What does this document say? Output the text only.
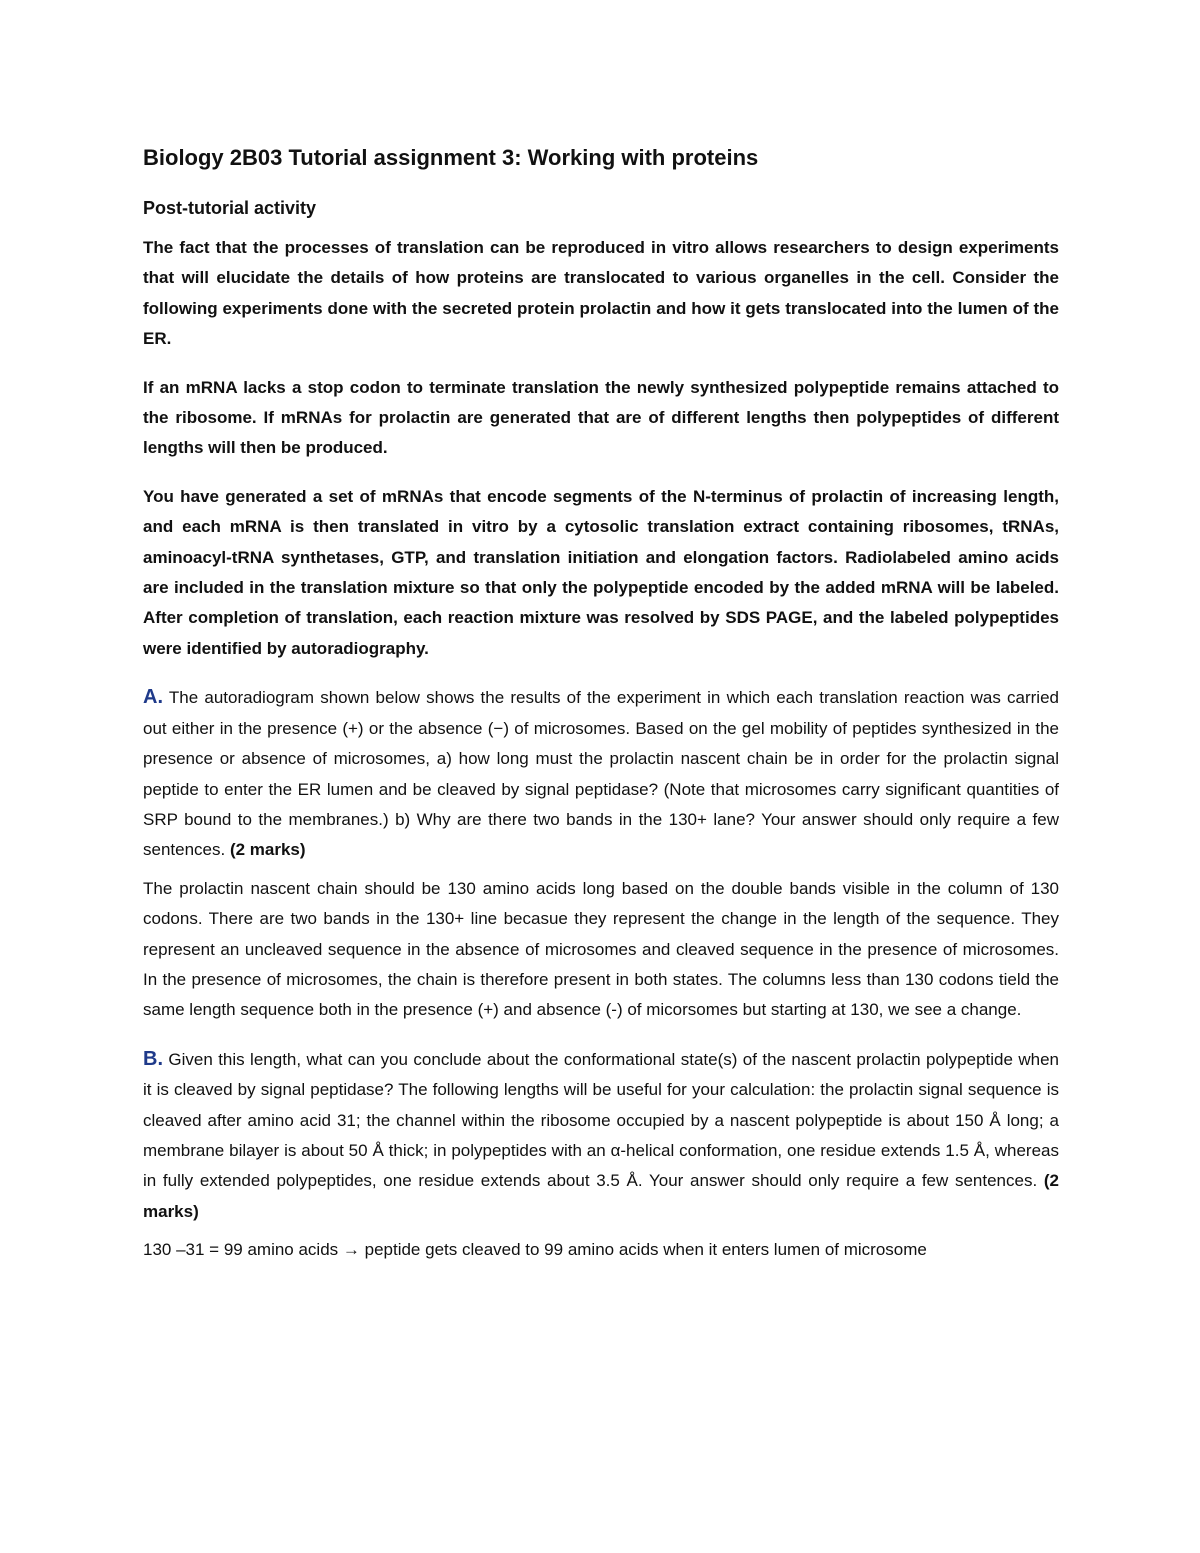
Biology 2B03 Tutorial assignment 3: Working with proteins
Post-tutorial activity

The fact that the processes of translation can be reproduced in vitro allows researchers to design experiments that will elucidate the details of how proteins are translocated to various organelles in the cell. Consider the following experiments done with the secreted protein prolactin and how it gets translocated into the lumen of the ER.

If an mRNA lacks a stop codon to terminate translation the newly synthesized polypeptide remains attached to the ribosome. If mRNAs for prolactin are generated that are of different lengths then polypeptides of different lengths will then be produced.

You have generated a set of mRNAs that encode segments of the N-terminus of prolactin of increasing length, and each mRNA is then translated in vitro by a cytosolic translation extract containing ribosomes, tRNAs, aminoacyl-tRNA synthetases, GTP, and translation initiation and elongation factors. Radiolabeled amino acids are included in the translation mixture so that only the polypeptide encoded by the added mRNA will be labeled. After completion of translation, each reaction mixture was resolved by SDS PAGE, and the labeled polypeptides were identified by autoradiography.

A. The autoradiogram shown below shows the results of the experiment in which each translation reaction was carried out either in the presence (+) or the absence (−) of microsomes. Based on the gel mobility of peptides synthesized in the presence or absence of microsomes, a) how long must the prolactin nascent chain be in order for the prolactin signal peptide to enter the ER lumen and be cleaved by signal peptidase? (Note that microsomes carry significant quantities of SRP bound to the membranes.) b) Why are there two bands in the 130+ lane? Your answer should only require a few sentences. (2 marks)

The prolactin nascent chain should be 130 amino acids long based on the double bands visible in the column of 130 codons. There are two bands in the 130+ line becasue they represent the change in the length of the sequence. They represent an uncleaved sequence in the absence of microsomes and cleaved sequence in the presence of microsomes. In the presence of microsomes, the chain is therefore present in both states. The columns less than 130 codons tield the same length sequence both in the presence (+) and absence (-) of micorsomes but starting at 130, we see a change.

B. Given this length, what can you conclude about the conformational state(s) of the nascent prolactin polypeptide when it is cleaved by signal peptidase? The following lengths will be useful for your calculation: the prolactin signal sequence is cleaved after amino acid 31; the channel within the ribosome occupied by a nascent polypeptide is about 150 Å long; a membrane bilayer is about 50 Å thick; in polypeptides with an α-helical conformation, one residue extends 1.5 Å, whereas in fully extended polypeptides, one residue extends about 3.5 Å. Your answer should only require a few sentences. (2 marks)

130 –31 = 99 amino acids → peptide gets cleaved to 99 amino acids when it enters lumen of microsome
